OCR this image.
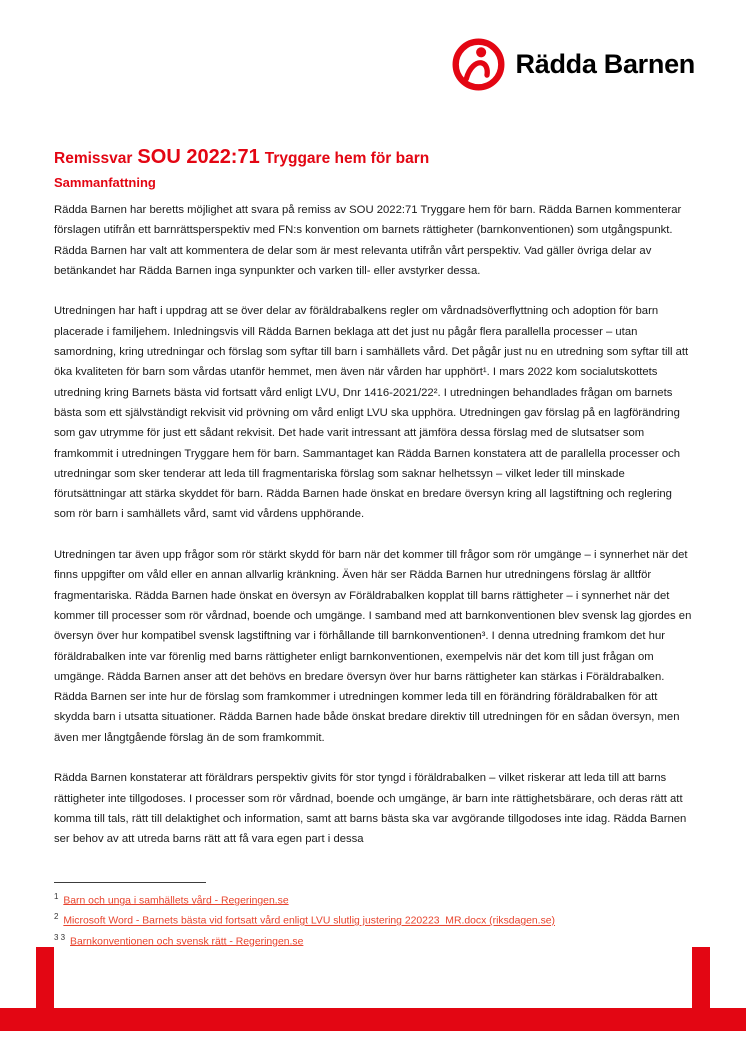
Rädda Barnen
Remissvar SOU 2022:71 Tryggare hem för barn
Sammanfattning

Rädda Barnen har beretts möjlighet att svara på remiss av SOU 2022:71 Tryggare hem för barn. Rädda Barnen kommenterar förslagen utifrån ett barnrättsperspektiv med FN:s konvention om barnets rättigheter (barnkonventionen) som utgångspunkt. Rädda Barnen har valt att kommentera de delar som är mest relevanta utifrån vårt perspektiv. Vad gäller övriga delar av betänkandet har Rädda Barnen inga synpunkter och varken till- eller avstyrker dessa.

Utredningen har haft i uppdrag att se över delar av föräldrabalkens regler om vårdnadsöverflyttning och adoption för barn placerade i familjehem. Inledningsvis vill Rädda Barnen beklaga att det just nu pågår flera parallella processer – utan samordning, kring utredningar och förslag som syftar till barn i samhällets vård. Det pågår just nu en utredning som syftar till att öka kvaliteten för barn som vårdas utanför hemmet, men även när vården har upphört¹. I mars 2022 kom socialutskottets utredning kring Barnets bästa vid fortsatt vård enligt LVU, Dnr 1416-2021/22². I utredningen behandlades frågan om barnets bästa som ett självständigt rekvisit vid prövning om vård enligt LVU ska upphöra. Utredningen gav förslag på en lagförändring som gav utrymme för just ett sådant rekvisit. Det hade varit intressant att jämföra dessa förslag med de slutsatser som framkommit i utredningen Tryggare hem för barn. Sammantaget kan Rädda Barnen konstatera att de parallella processer och utredningar som sker tenderar att leda till fragmentariska förslag som saknar helhetssyn – vilket leder till minskade förutsättningar att stärka skyddet för barn. Rädda Barnen hade önskat en bredare översyn kring all lagstiftning och reglering som rör barn i samhällets vård, samt vid vårdens upphörande.

Utredningen tar även upp frågor som rör stärkt skydd för barn när det kommer till frågor som rör umgänge – i synnerhet när det finns uppgifter om våld eller en annan allvarlig kränkning. Även här ser Rädda Barnen hur utredningens förslag är alltför fragmentariska. Rädda Barnen hade önskat en översyn av Föräldrabalken kopplat till barns rättigheter – i synnerhet när det kommer till processer som rör vårdnad, boende och umgänge. I samband med att barnkonventionen blev svensk lag gjordes en översyn över hur kompatibel svensk lagstiftning var i förhållande till barnkonventionen³. I denna utredning framkom det hur föräldrabalken inte var förenlig med barns rättigheter enligt barnkonventionen, exempelvis när det kom till just frågan om umgänge. Rädda Barnen anser att det behövs en bredare översyn över hur barns rättigheter kan stärkas i Föräldrabalken. Rädda Barnen ser inte hur de förslag som framkommer i utredningen kommer leda till en förändring föräldrabalken för att skydda barn i utsatta situationer. Rädda Barnen hade både önskat bredare direktiv till utredningen för en sådan översyn, men även mer långtgående förslag än de som framkommit.

Rädda Barnen konstaterar att föräldrars perspektiv givits för stor tyngd i föräldrabalken – vilket riskerar att leda till att barns rättigheter inte tillgodoses. I processer som rör vårdnad, boende och umgänge, är barn inte rättighetsbärare, och deras rätt att komma till tals, rätt till delaktighet och information, samt att barns bästa ska var avgörande tillgodoses inte idag. Rädda Barnen ser behov av att utreda barns rätt att få vara egen part i dessa

$^1$ Barn och unga i samhällets vård - Regeringen.se
$^2$ Microsoft Word - Barnets bästa vid fortsatt vård enligt LVU slutlig justering 220223_MR.docx (riksdagen.se)
$^{3 3}$ Barnkonventionen och svensk rätt - Regeringen.se
